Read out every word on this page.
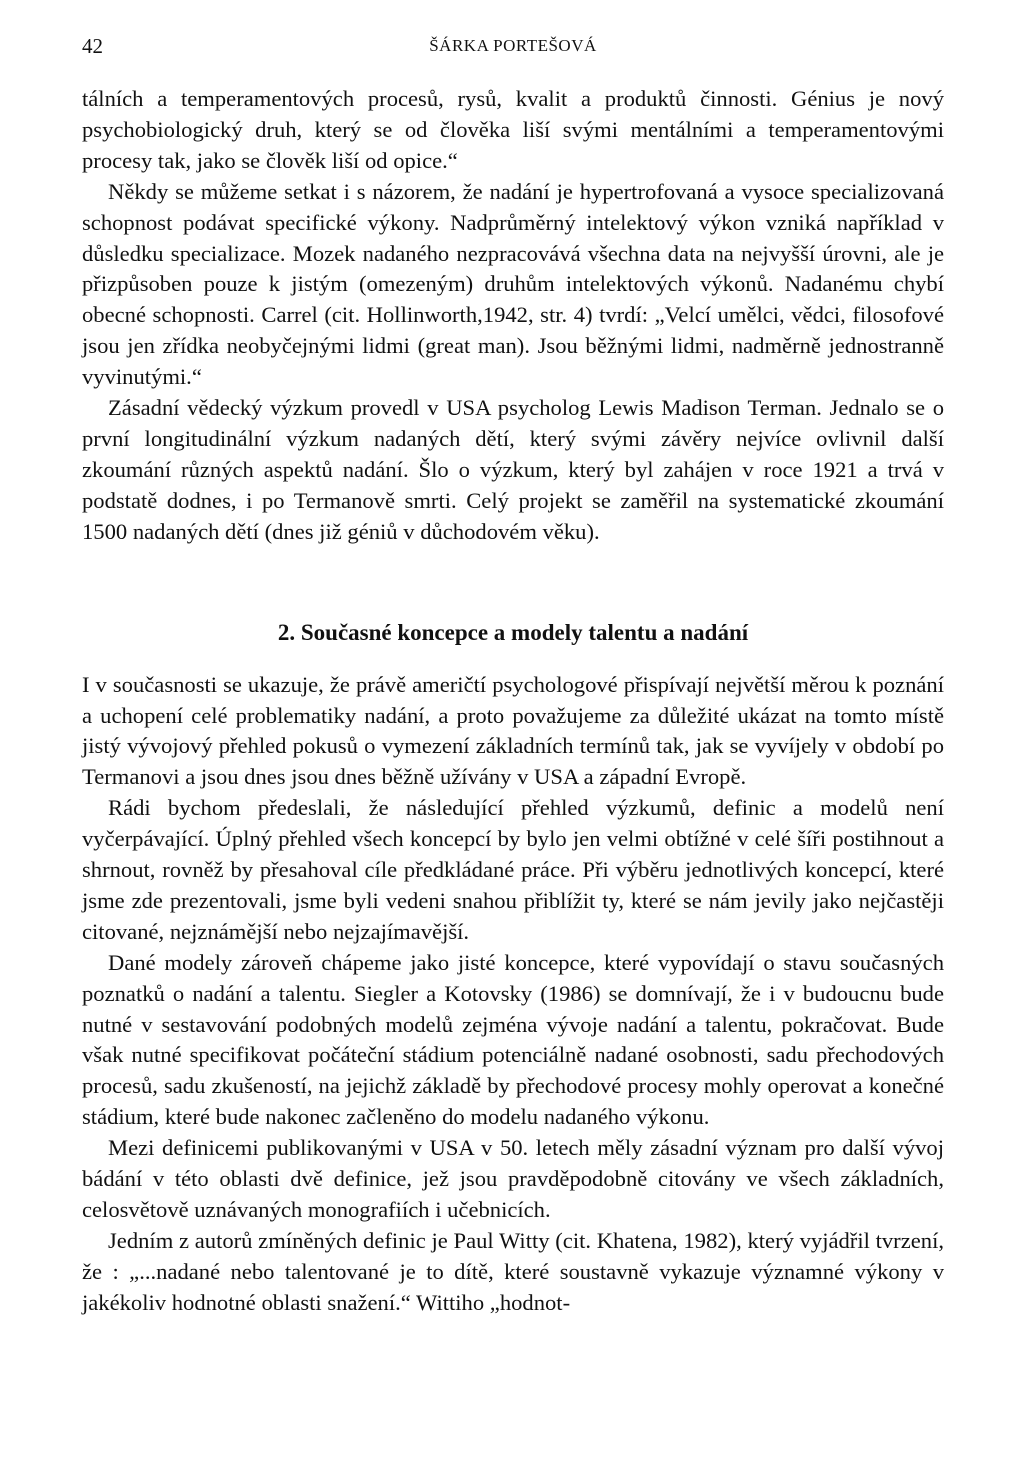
42	ŠÁRKA PORTEŠOVÁ

tálních a temperamentových procesů, rysů, kvalit a produktů činnosti. Génius je nový psychobiologický druh, který se od člověka liší svými mentálními a temperamentovými procesy tak, jako se člověk liší od opice.“

Někdy se můžeme setkat i s názorem, že nadání je hypertrofovaná a vysoce specializovaná schopnost podávat specifické výkony. Nadprůměrný intelektový výkon vzniká například v důsledku specializace. Mozek nadaného nezpracovává všechna data na nejvyšší úrovni, ale je přizpůsoben pouze k jistým (omezeným) druhům intelektových výkonů. Nadanému chybí obecné schopnosti. Carrel (cit. Hollinworth,1942, str. 4) tvrdí: „Velcí umělci, vědci, filosofové jsou jen zřídka neobyčejnými lidmi (great man). Jsou běžnými lidmi, nadměrně jednostranně vyvinutými.“

Zásadní vědecký výzkum provedl v USA psycholog Lewis Madison Terman. Jednalo se o první longitudinální výzkum nadaných dětí, který svými závěry nejvíce ovlivnil další zkoumání různých aspektů nadání. Šlo o výzkum, který byl zahájen v roce 1921 a trvá v podstatě dodnes, i po Termanově smrti. Celý projekt se zaměřil na systematické zkoumání 1500 nadaných dětí (dnes již géniů v důchodovém věku).

2. Současné koncepce a modely talentu a nadání

I v současnosti se ukazuje, že právě američtí psychologové přispívají největší měrou k poznání a uchopení celé problematiky nadání, a proto považujeme za důležité ukázat na tomto místě jistý vývojový přehled pokusů o vymezení základních termínů tak, jak se vyvíjely v období po Termanovi a jsou dnes jsou dnes běžně užívány v USA a západní Evropě.

Rádi bychom předeslali, že následující přehled výzkumů, definic a modelů není vyčerpávající. Úplný přehled všech koncepcí by bylo jen velmi obtížné v celé šíři postihnout a shrnout, rovněž by přesahoval cíle předkládané práce. Při výběru jednotlivých koncepcí, které jsme zde prezentovali, jsme byli vedeni snahou přiblížit ty, které se nám jevily jako nejčastěji citované, nejznámější nebo nejzajímavější.

Dané modely zároveň chápeme jako jisté koncepce, které vypovídají o stavu současných poznatků o nadání a talentu. Siegler a Kotovsky (1986) se domnívají, že i v budoucnu bude nutné v sestavování podobných modelů zejména vývoje nadání a talentu, pokračovat. Bude však nutné specifikovat počáteční stádium potenciálně nadané osobnosti, sadu přechodových procesů, sadu zkušeností, na jejichž základě by přechodové procesy mohly operovat a konečné stádium, které bude nakonec začleněno do modelu nadaného výkonu.

Mezi definicemi publikovanými v USA v 50. letech měly zásadní význam pro další vývoj bádání v této oblasti dvě definice, jež jsou pravděpodobně citovány ve všech základních, celosvětově uznávaných monografiích i učebnicích.

Jedním z autorů zmíněných definic je Paul Witty (cit. Khatena, 1982), který vyjádřil tvrzení, že : „...nadané nebo talentované je to dítě, které soustavně vykazuje významné výkony v jakékoliv hodnotné oblasti snažení.“ Wittiho „hodnot-
